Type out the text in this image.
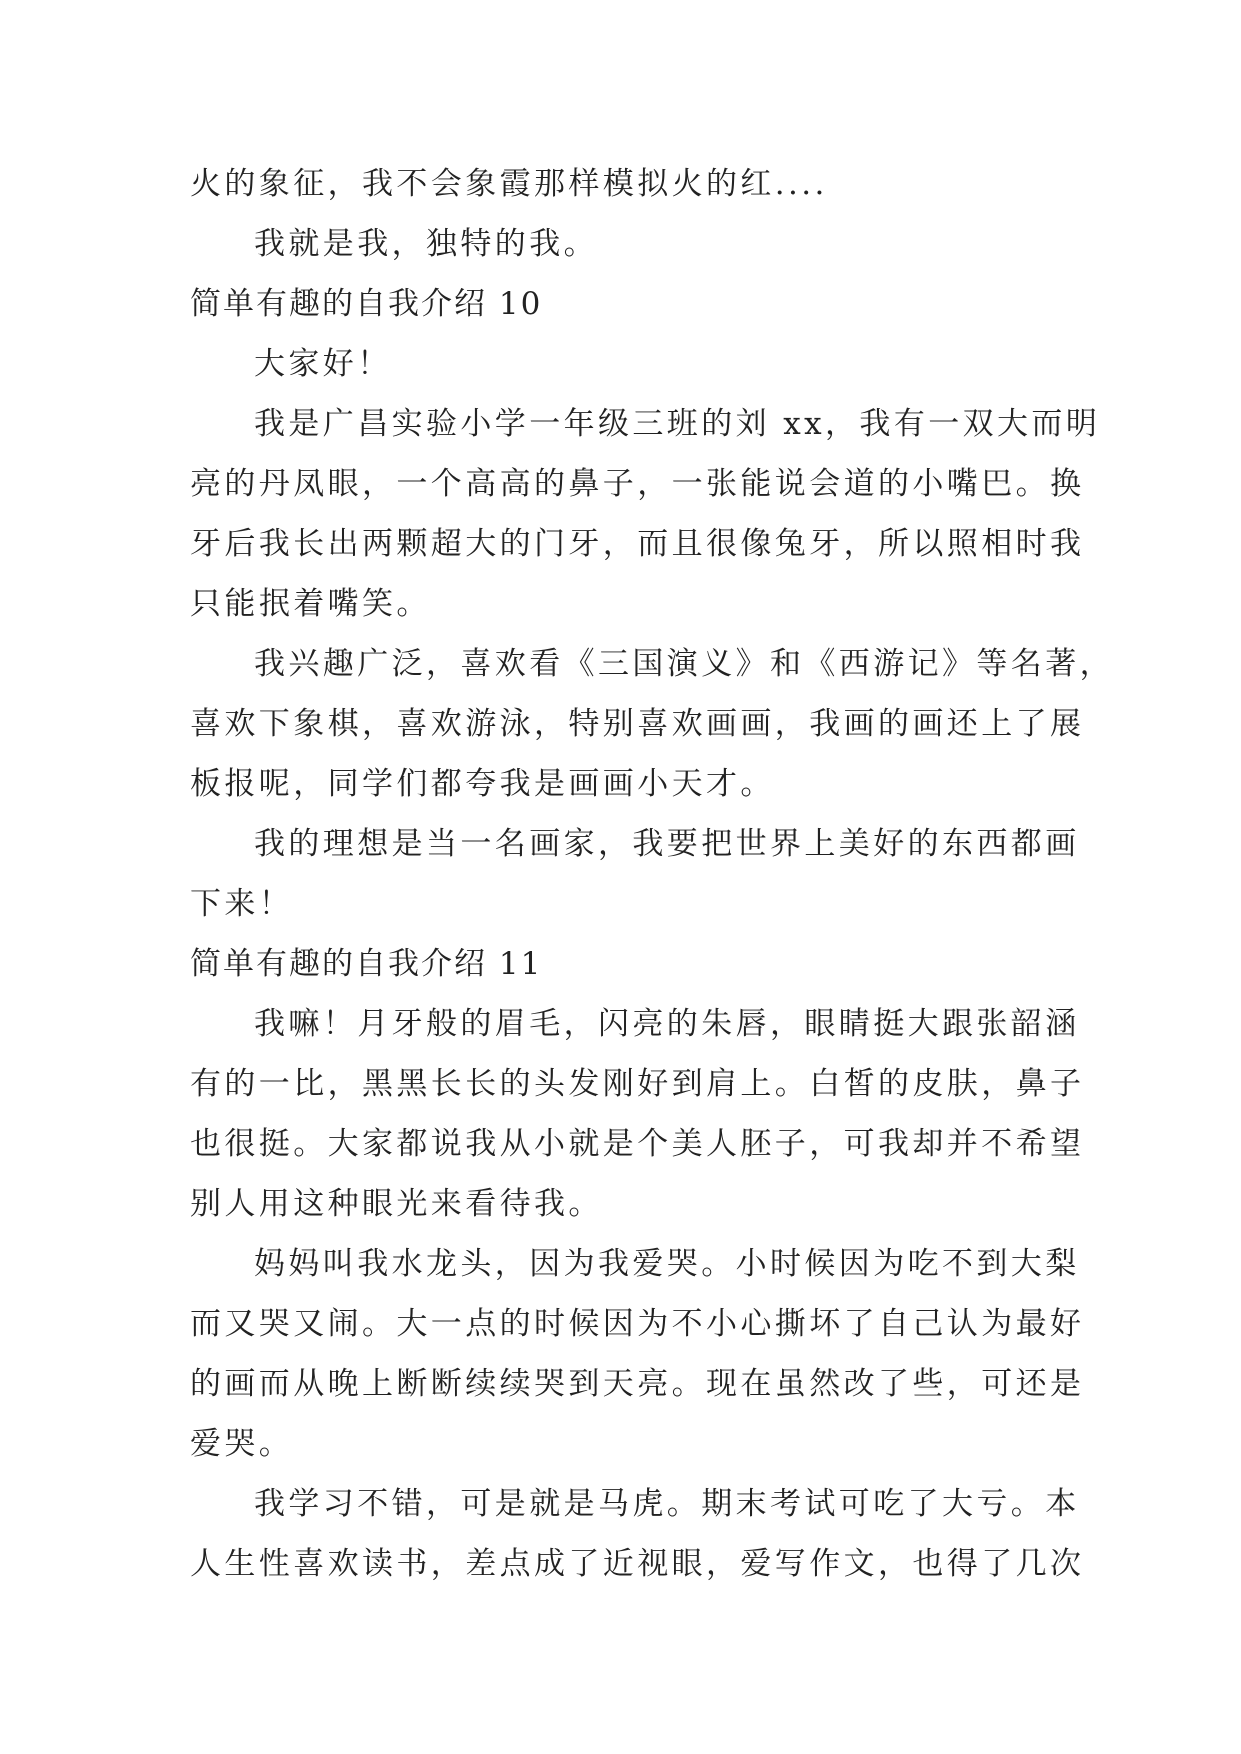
火的象征，我不会象霞那样模拟火的红....
我就是我，独特的我。
简单有趣的自我介绍 10
大家好！
我是广昌实验小学一年级三班的刘 xx，我有一双大而明
亮的丹凤眼，一个高高的鼻子，一张能说会道的小嘴巴。换
牙后我长出两颗超大的门牙，而且很像兔牙，所以照相时我
只能抿着嘴笑。
我兴趣广泛，喜欢看《三国演义》和《西游记》等名著，
喜欢下象棋，喜欢游泳，特别喜欢画画，我画的画还上了展
板报呢，同学们都夸我是画画小天才。
我的理想是当一名画家，我要把世界上美好的东西都画
下来！
简单有趣的自我介绍 11
我嘛！月牙般的眉毛，闪亮的朱唇，眼睛挺大跟张韶涵
有的一比，黑黑长长的头发刚好到肩上。白皙的皮肤，鼻子
也很挺。大家都说我从小就是个美人胚子，可我却并不希望
别人用这种眼光来看待我。
妈妈叫我水龙头，因为我爱哭。小时候因为吃不到大梨
而又哭又闹。大一点的时候因为不小心撕坏了自己认为最好
的画而从晚上断断续续哭到天亮。现在虽然改了些，可还是
爱哭。
我学习不错，可是就是马虎。期末考试可吃了大亏。本
人生性喜欢读书，差点成了近视眼，爱写作文，也得了几次
